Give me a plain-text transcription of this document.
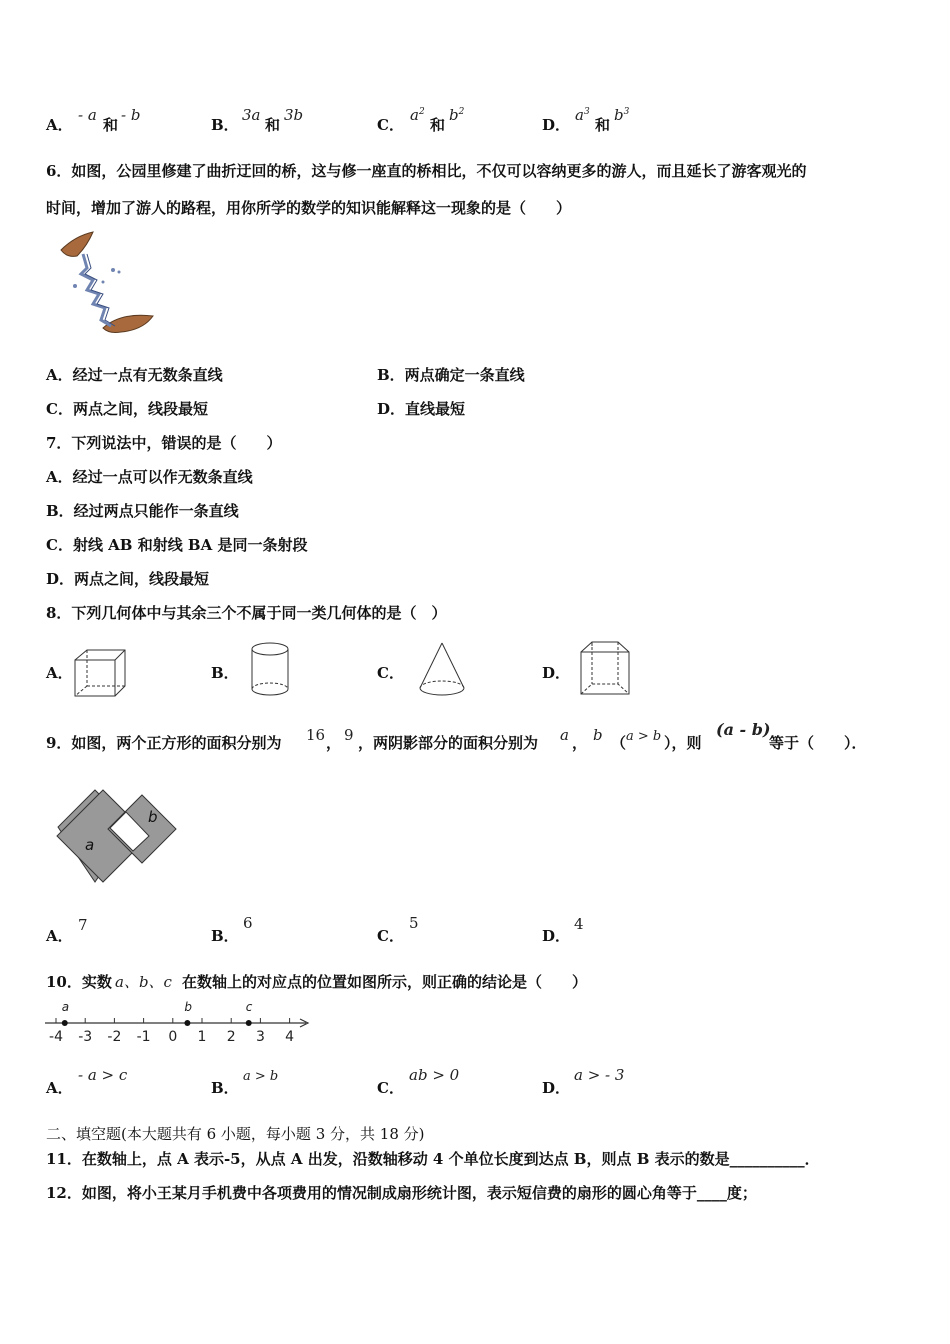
A．
- a
和
- b
B．
3a
和
3b
C．
$a^2$
和
$b^2$
D．
$a^3$
和
$b^3$
6．如图，公园里修建了曲折迂回的桥，这与修一座直的桥相比，不仅可以容纳更多的游人，而且延长了游客观光的
时间，增加了游人的路程，用你所学的数学的知识能解释这一现象的是（　　）
A．经过一点有无数条直线	B．两点确定一条直线
C．两点之间，线段最短	D．直线最短
7．下列说法中，错误的是（　　）
A．经过一点可以作无数条直线
B．经过两点只能作一条直线
C．射线 AB 和射线 BA 是同一条射段
D．两点之间，线段最短
8．下列几何体中与其余三个不属于同一类几何体的是（　）
A．	B．	C．	D．
9．如图，两个正方形的面积分别为 16 ， 9 ，两阴影部分的面积分别为 a ， b （ a > b ），则
(a - b)
等于（　　）．
a
b
A．
7
B．
6
C．
5
D．
4
10．实数 a、b、c 在数轴上的对应点的位置如图所示，则正确的结论是（　　）
-4 -3 -2 -1 0 1 2 3 4
a	b	c
A．
- a > c
B．
a > b
C．
ab > 0
D．
a > - 3
二、填空题(本大题共有 6 小题，每小题 3 分，共 18 分)
11．在数轴上，点 A 表示-5，从点 A 出发，沿数轴移动 4 个单位长度到达点 B，则点 B 表示的数是__________．
12．如图，将小王某月手机费中各项费用的情况制成扇形统计图，表示短信费的扇形的圆心角等于____度；
